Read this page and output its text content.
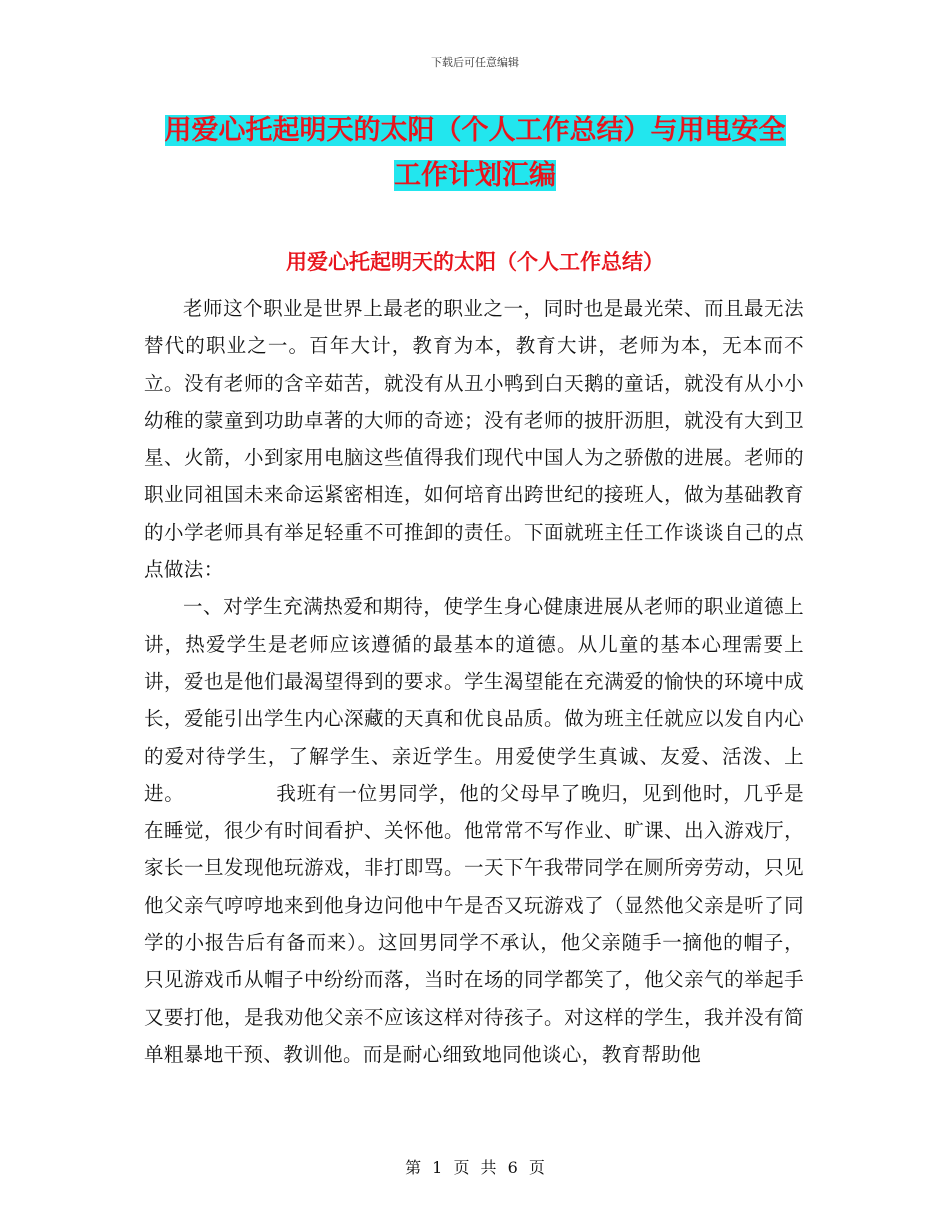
下载后可任意编辑
用爱心托起明天的太阳（个人工作总结）与用电安全
工作计划汇编
用爱心托起明天的太阳（个人工作总结）

老师这个职业是世界上最老的职业之一，同时也是最光荣、而且最无法替代的职业之一。百年大计，教育为本，教育大讲，老师为本，无本而不立。没有老师的含辛茹苦，就没有从丑小鸭到白天鹅的童话，就没有从小小幼稚的蒙童到功助卓著的大师的奇迹；没有老师的披肝沥胆，就没有大到卫星、火箭，小到家用电脑这些值得我们现代中国人为之骄傲的进展。老师的职业同祖国未来命运紧密相连，如何培育出跨世纪的接班人，做为基础教育的小学老师具有举足轻重不可推卸的责任。下面就班主任工作谈谈自己的点点做法：

一、对学生充满热爱和期待，使学生身心健康进展从老师的职业道德上讲，热爱学生是老师应该遵循的最基本的道德。从儿童的基本心理需要上讲，爱也是他们最渴望得到的要求。学生渴望能在充满爱的愉快的环境中成长，爱能引出学生内心深藏的天真和优良品质。做为班主任就应以发自内心的爱对待学生，了解学生、亲近学生。用爱使学生真诚、友爱、活泼、上进。　　　　　我班有一位男同学，他的父母早了晚归，见到他时，几乎是在睡觉，很少有时间看护、关怀他。他常常不写作业、旷课、出入游戏厅，家长一旦发现他玩游戏，非打即骂。一天下午我带同学在厕所旁劳动，只见他父亲气哼哼地来到他身边问他中午是否又玩游戏了（显然他父亲是听了同学的小报告后有备而来）。这回男同学不承认，他父亲随手一摘他的帽子，只见游戏币从帽子中纷纷而落，当时在场的同学都笑了，他父亲气的举起手又要打他，是我劝他父亲不应该这样对待孩子。对这样的学生，我并没有简单粗暴地干预、教训他。而是耐心细致地同他谈心，教育帮助他

第 1 页 共 6 页
